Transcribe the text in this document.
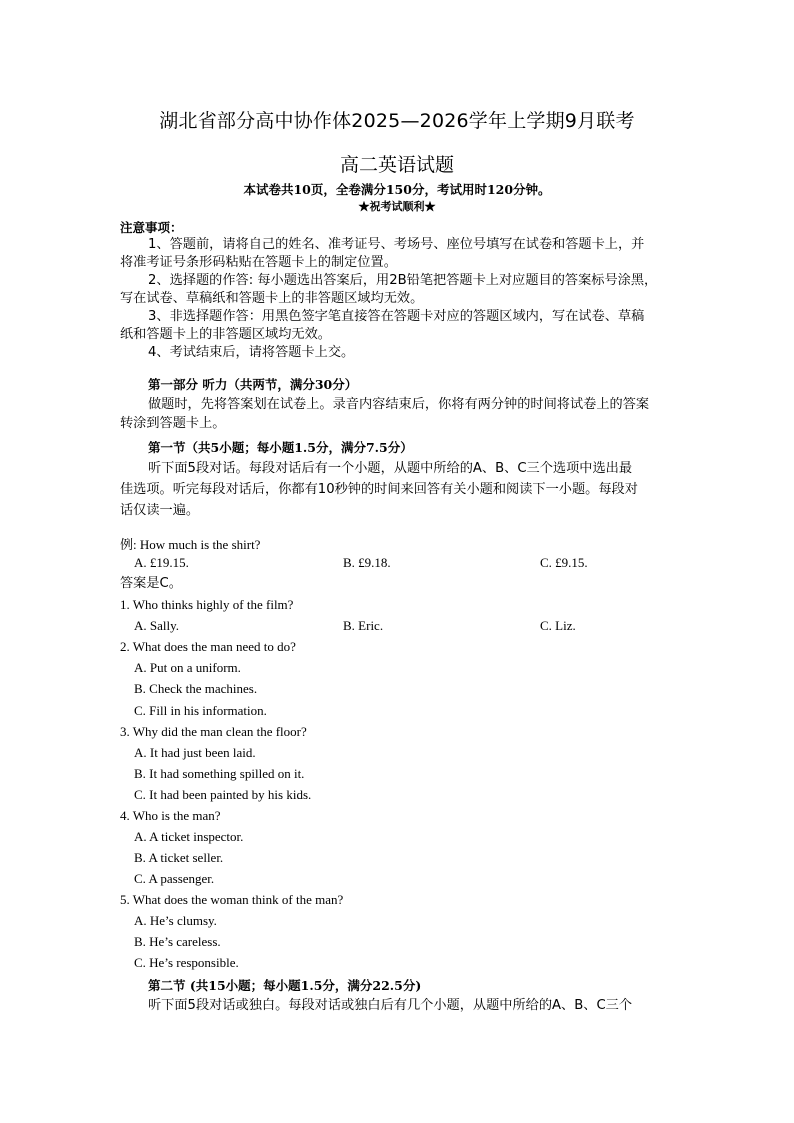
湖北省部分高中协作体2025—2026学年上学期9月联考
高二英语试题
本试卷共10页，全卷满分150分，考试用时120分钟。
★祝考试顺利★
注意事项：
1、答题前，请将自己的姓名、准考证号、考场号、座位号填写在试卷和答题卡上，并
将准考证号条形码粘贴在答题卡上的制定位置。
2、选择题的作答: 每小题选出答案后，用2B铅笔把答题卡上对应题目的答案标号涂黑，
写在试卷、草稿纸和答题卡上的非答题区域均无效。
3、非选择题作答：用黑色签字笔直接答在答题卡对应的答题区域内，写在试卷、草稿
纸和答题卡上的非答题区域均无效。
4、考试结束后，请将答题卡上交。
第一部分 听力（共两节，满分30分）
做题时，先将答案划在试卷上。录音内容结束后，你将有两分钟的时间将试卷上的答案
转涂到答题卡上。
第一节（共5小题；每小题1.5分，满分7.5分）
听下面5段对话。每段对话后有一个小题，从题中所给的A、B、C三个选项中选出最
佳选项。听完每段对话后，你都有10秒钟的时间来回答有关小题和阅读下一小题。每段对
话仅读一遍。
例: How much is the shirt?
A. £19.15.	B. £9.18.	C. £9.15.
答案是C。
1. Who thinks highly of the film?
A. Sally.	B. Eric.	C. Liz.
2. What does the man need to do?
A. Put on a uniform.
B. Check the machines.
C. Fill in his information.
3. Why did the man clean the floor?
A. It had just been laid.
B. It had something spilled on it.
C. It had been painted by his kids.
4. Who is the man?
A. A ticket inspector.
B. A ticket seller.
C. A passenger.
5. What does the woman think of the man?
A. He’s clumsy.
B. He’s careless.
C. He’s responsible.
第二节 (共15小题；每小题1.5分，满分22.5分)
听下面5段对话或独白。每段对话或独白后有几个小题，从题中所给的A、B、C三个
